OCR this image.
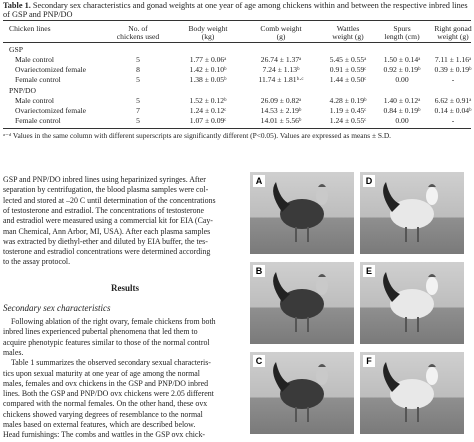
Table 1. Secondary sex characteristics and gonad weights at one year of age among chickens within and between the respective inbred lines of GSP and PNP/DO
Chicken lines	No. of
chickens used
Body weight
(kg)
Comb weight
(g)
Wattles
weight (g)
Spurs
length (cm)
Right gonad
weight (g)
GSP
Male control	5	1.77 ± 0.06ᵃ	26.74 ± 1.37ᵃ	5.45 ± 0.55ᵃ	1.50 ± 0.14ᵃ	7.11 ± 1.16ᵃ
Ovariectomized female	8	1.42 ± 0.10ᵇ	7.24 ± 1.13ᵇ	0.91 ± 0.59ᶜ	0.92 ± 0.19ᵇ	0.39 ± 0.19ᵇ
Female control	5	1.38 ± 0.05ᵇ	11.74 ± 1.81ᵇ·ᶜ	1.44 ± 0.50ᶜ	0.00	-
PNP/DO
Male control	5	1.52 ± 0.12ᵇ	26.09 ± 0.82ᵃ	4.28 ± 0.19ᵇ	1.40 ± 0.12ᵃ	6.62 ± 0.91ᵃ
Ovariectomized female	7	1.24 ± 0.12ᶜ	14.53 ± 2.19ᵇ	1.19 ± 0.45ᶜ	0.84 ± 0.19ᵇ	0.14 ± 0.04ᵇ
Female control	5	1.07 ± 0.09ᶜ	14.01 ± 5.56ᵇ	1.24 ± 0.55ᶜ	0.00	-
ᵃ⁻ᵈ Values in the same column with different superscripts are significantly different (P<0.05). Values are expressed as means ± S.D.
GSP and PNP/DO inbred lines using heparinized syringes. After
separation by centrifugation, the blood plasma samples were col-
lected and stored at –20 C until determination of the concentrations
of testosterone and estradiol. The concentrations of testosterone
and estradiol were measured using a commercial kit for EIA (Cay-
man Chemical, Ann Arbor, MI, USA). After each plasma samples
was extracted by diethyl-ether and diluted by EIA buffer, the tes-
tosterone and estradiol concentrations were determined according
to the assay protocol.
Results
Secondary sex characteristics
Following ablation of the right ovary, female chickens from both
inbred lines experienced pubertal phenomena that led them to
acquire phenotypic features similar to those of the normal control
males.
Table 1 summarizes the observed secondary sexual characteris-
tics upon sexual maturity at one year of age among the normal
males, females and ovx chickens in the GSP and PNP/DO inbred
lines. Both the GSP and PNP/DO ovx chickens were 2.05 different
compared with the normal females. On the other hand, these ovx
chickens showed varying degrees of resemblance to the normal
males based on external features, which are described below.
Head furnishings: The combs and wattles in the GSP ovx chick-
A	D
B	E
C	F
